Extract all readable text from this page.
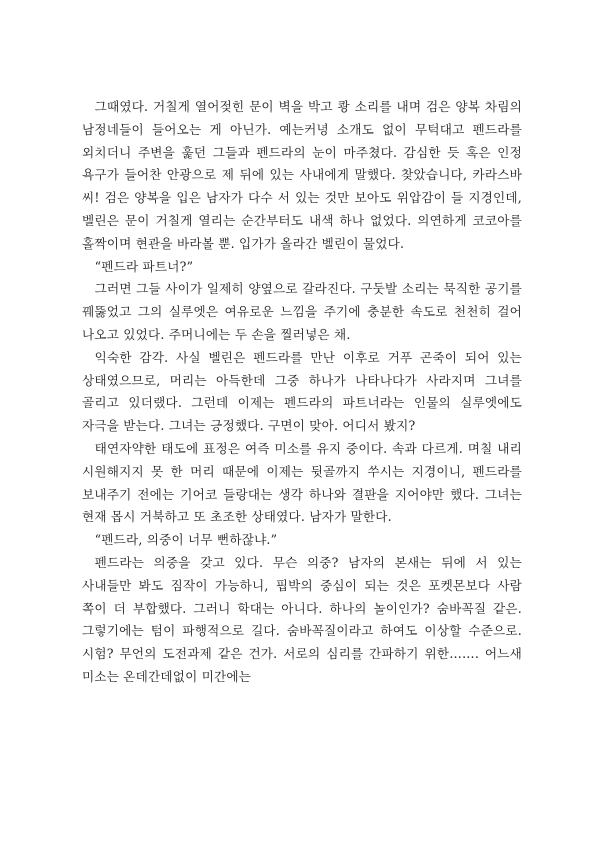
그때였다. 거칠게 열어젖힌 문이 벽을 박고 쾅 소리를 내며 검은 양복 차림의 남정네들이 들어오는 게 아닌가. 예는커녕 소개도 없이 무턱대고 펜드라를 외치더니 주변을 훑던 그들과 펜드라의 눈이 마주쳤다. 감심한 듯 혹은 인정 욕구가 들어찬 안광으로 제 뒤에 있는 사내에게 말했다. 찾았습니다, 카라스바 씨! 검은 양복을 입은 남자가 다수 서 있는 것만 보아도 위압감이 들 지경인데, 벨린은 문이 거칠게 열리는 순간부터도 내색 하나 없었다. 의연하게 코코아를 홀짝이며 현관을 바라볼 뿐. 입가가 올라간 벨린이 물었다.

“펜드라 파트너?”

그러면 그들 사이가 일제히 양옆으로 갈라진다. 구둣발 소리는 묵직한 공기를 꿰뚫었고 그의 실루엣은 여유로운 느낌을 주기에 충분한 속도로 천천히 걸어 나오고 있었다. 주머니에는 두 손을 찔러넣은 채.

익숙한 감각. 사실 벨린은 펜드라를 만난 이후로 거푸 곤죽이 되어 있는 상태였으므로, 머리는 아득한데 그중 하나가 나타나다가 사라지며 그녀를 골리고 있더랬다. 그런데 이제는 펜드라의 파트너라는 인물의 실루엣에도 자극을 받는다. 그녀는 긍정했다. 구면이 맞아. 어디서 봤지?

태연자약한 태도에 표정은 여즉 미소를 유지 중이다. 속과 다르게. 며칠 내리 시원해지지 못 한 머리 때문에 이제는 뒷골까지 쑤시는 지경이니, 펜드라를 보내주기 전에는 기어코 들랑대는 생각 하나와 결판을 지어야만 했다. 그녀는 현재 몹시 거북하고 또 초조한 상태였다. 남자가 말한다.

“펜드라, 의중이 너무 뻔하잖냐.”

펜드라는 의중을 갖고 있다. 무슨 의중? 남자의 본새는 뒤에 서 있는 사내들만 봐도 짐작이 가능하니, 핍박의 중심이 되는 것은 포켓몬보다 사람 쪽이 더 부합했다. 그러니 학대는 아니다. 하나의 놀이인가? 숨바꼭질 같은. 그렇기에는 텀이 파행적으로 길다. 숨바꼭질이라고 하여도 이상할 수준으로. 시험? 무언의 도전과제 같은 건가. 서로의 심리를 간파하기 위한……. 어느새 미소는 온데간데없이 미간에는
